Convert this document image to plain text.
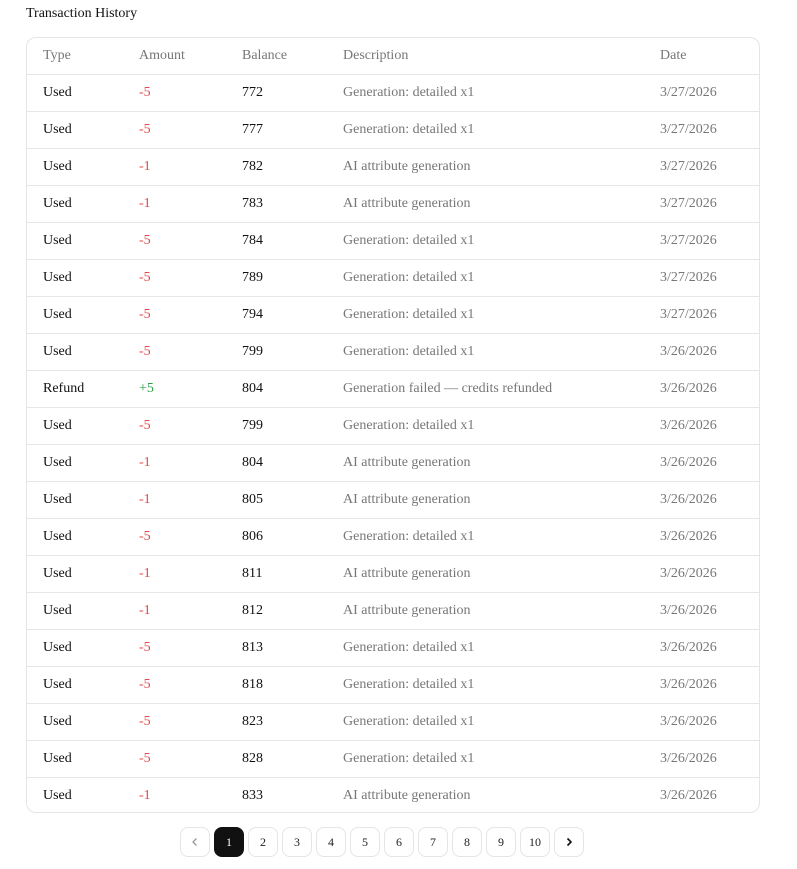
Transaction History
Type	Amount	Balance	Description	Date
Used	-5	772	Generation: detailed x1	3/27/2026
Used	-5	777	Generation: detailed x1	3/27/2026
Used	-1	782	AI attribute generation	3/27/2026
Used	-1	783	AI attribute generation	3/27/2026
Used	-5	784	Generation: detailed x1	3/27/2026
Used	-5	789	Generation: detailed x1	3/27/2026
Used	-5	794	Generation: detailed x1	3/27/2026
Used	-5	799	Generation: detailed x1	3/26/2026
Refund	+5	804	Generation failed — credits refunded	3/26/2026
Used	-5	799	Generation: detailed x1	3/26/2026
Used	-1	804	AI attribute generation	3/26/2026
Used	-1	805	AI attribute generation	3/26/2026
Used	-5	806	Generation: detailed x1	3/26/2026
Used	-1	811	AI attribute generation	3/26/2026
Used	-1	812	AI attribute generation	3/26/2026
Used	-5	813	Generation: detailed x1	3/26/2026
Used	-5	818	Generation: detailed x1	3/26/2026
Used	-5	823	Generation: detailed x1	3/26/2026
Used	-5	828	Generation: detailed x1	3/26/2026
Used	-1	833	AI attribute generation	3/26/2026
1	2	3	4	5	6	7	8	9	10
